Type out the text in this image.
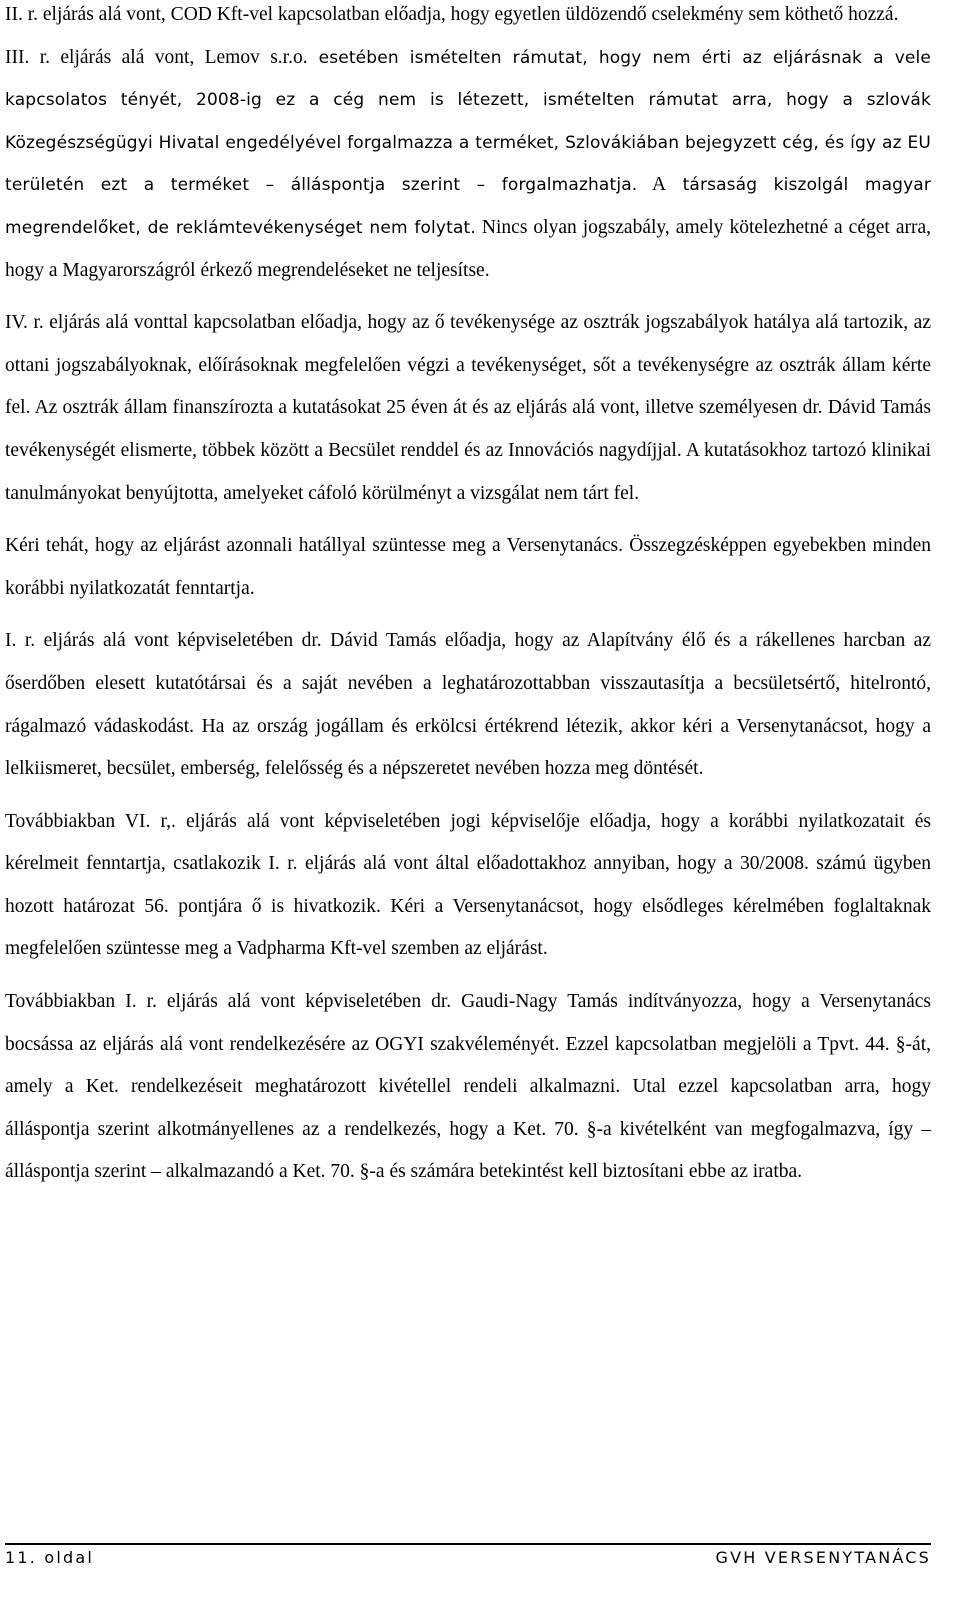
II. r. eljárás alá vont, COD Kft-vel kapcsolatban előadja, hogy egyetlen üldözendő cselekmény sem köthető hozzá.

III. r. eljárás alá vont, Lemov s.r.o. esetében ismételten rámutat, hogy nem érti az eljárásnak a vele kapcsolatos tényét, 2008-ig ez a cég nem is létezett, ismételten rámutat arra, hogy a szlovák Közegészségügyi Hivatal engedélyével forgalmazza a terméket, Szlovákiában bejegyzett cég, és így az EU területén ezt a terméket – álláspontja szerint – forgalmazhatja. A társaság kiszolgál magyar megrendelőket, de reklámtevékenységet nem folytat. Nincs olyan jogszabály, amely kötelezhetné a céget arra, hogy a Magyarországról érkező megrendeléseket ne teljesítse.

IV. r. eljárás alá vonttal kapcsolatban előadja, hogy az ő tevékenysége az osztrák jogszabályok hatálya alá tartozik, az ottani jogszabályoknak, előírásoknak megfelelően végzi a tevékenységet, sőt a tevékenységre az osztrák állam kérte fel. Az osztrák állam finanszírozta a kutatásokat 25 éven át és az eljárás alá vont, illetve személyesen dr. Dávid Tamás tevékenységét elismerte, többek között a Becsület renddel és az Innovációs nagydíjjal. A kutatásokhoz tartozó klinikai tanulmányokat benyújtotta, amelyeket cáfoló körülményt a vizsgálat nem tárt fel.

Kéri tehát, hogy az eljárást azonnali hatállyal szüntesse meg a Versenytanács. Összegzésképpen egyebekben minden korábbi nyilatkozatát fenntartja.

I. r. eljárás alá vont képviseletében dr. Dávid Tamás előadja, hogy az Alapítvány élő és a rákellenes harcban az őserdőben elesett kutatótársai és a saját nevében a leghatározottabban visszautasítja a becsületsértő, hitelrontó, rágalmazó vádaskodást. Ha az ország jogállam és erkölcsi értékrend létezik, akkor kéri a Versenytanácsot, hogy a lelkiismeret, becsület, emberség, felelősség és a népszeretet nevében hozza meg döntését.

Továbbiakban VI. r,. eljárás alá vont képviseletében jogi képviselője előadja, hogy a korábbi nyilatkozatait és kérelmeit fenntartja, csatlakozik I. r. eljárás alá vont által előadottakhoz annyiban, hogy a 30/2008. számú ügyben hozott határozat 56. pontjára ő is hivatkozik. Kéri a Versenytanácsot, hogy elsődleges kérelmében foglaltaknak megfelelően szüntesse meg a Vadpharma Kft-vel szemben az eljárást.

Továbbiakban I. r. eljárás alá vont képviseletében dr. Gaudi-Nagy Tamás indítványozza, hogy a Versenytanács bocsássa az eljárás alá vont rendelkezésére az OGYI szakvéleményét. Ezzel kapcsolatban megjelöli a Tpvt. 44. §-át, amely a Ket. rendelkezéseit meghatározott kivétellel rendeli alkalmazni. Utal ezzel kapcsolatban arra, hogy álláspontja szerint alkotmányellenes az a rendelkezés, hogy a Ket. 70. §-a kivételként van megfogalmazva, így – álláspontja szerint – alkalmazandó a Ket. 70. §-a és számára betekintést kell biztosítani ebbe az iratba.

11. oldal	GVH VERSENYTANÁCS
